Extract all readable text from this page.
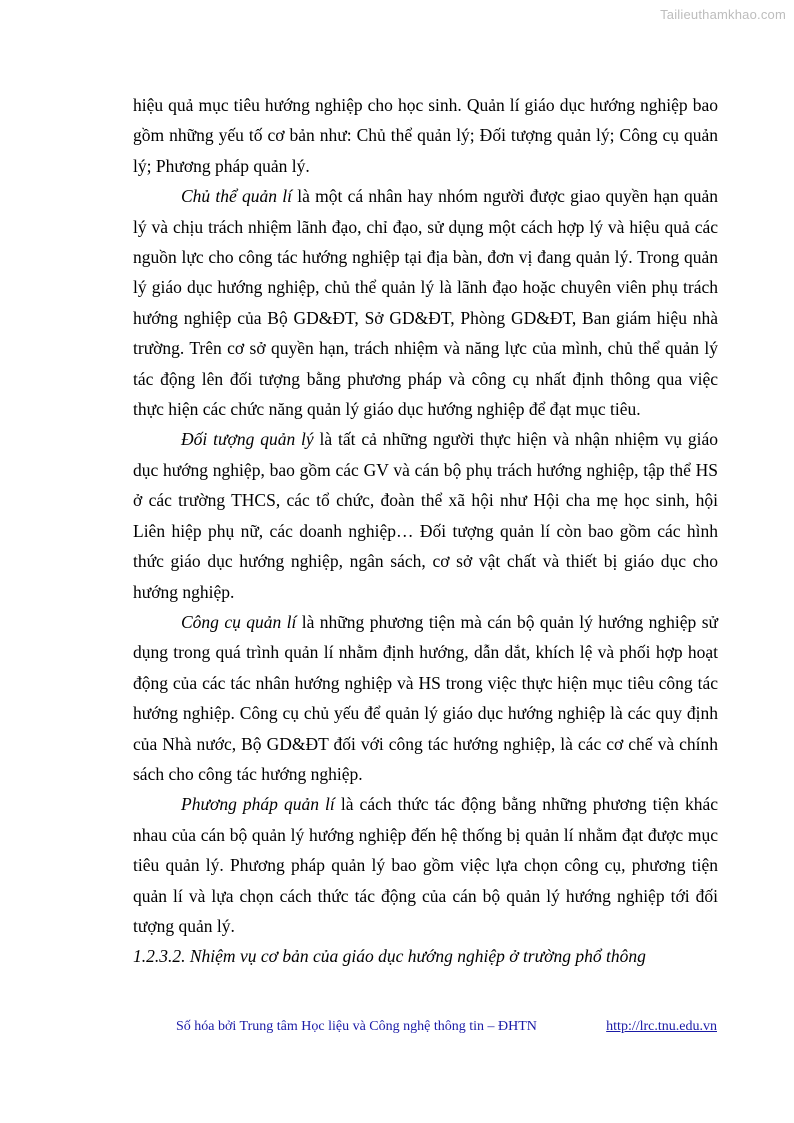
Tailieuthamkhao.com

hiệu quả mục tiêu hướng nghiệp cho học sinh. Quản lí giáo dục hướng nghiệp bao gồm những yếu tố cơ bản như: Chủ thể quản lý; Đối tượng quản lý; Công cụ quản lý; Phương pháp quản lý.

Chủ thể quản lí là một cá nhân hay nhóm người được giao quyền hạn quản lý và chịu trách nhiệm lãnh đạo, chỉ đạo, sử dụng một cách hợp lý và hiệu quả các nguồn lực cho công tác hướng nghiệp tại địa bàn, đơn vị đang quản lý. Trong quản lý giáo dục hướng nghiệp, chủ thể quản lý là lãnh đạo hoặc chuyên viên phụ trách hướng nghiệp của Bộ GD&ĐT, Sở GD&ĐT, Phòng GD&ĐT, Ban giám hiệu nhà trường. Trên cơ sở quyền hạn, trách nhiệm và năng lực của mình, chủ thể quản lý tác động lên đối tượng bằng phương pháp và công cụ nhất định thông qua việc thực hiện các chức năng quản lý giáo dục hướng nghiệp để đạt mục tiêu.

Đối tượng quản lý là tất cả những người thực hiện và nhận nhiệm vụ giáo dục hướng nghiệp, bao gồm các GV và cán bộ phụ trách hướng nghiệp, tập thể HS ở các trường THCS, các tổ chức, đoàn thể xã hội như Hội cha mẹ học sinh, hội Liên hiệp phụ nữ, các doanh nghiệp… Đối tượng quản lí còn bao gồm các hình thức giáo dục hướng nghiệp, ngân sách, cơ sở vật chất và thiết bị giáo dục cho hướng nghiệp.

Công cụ quản lí là những phương tiện mà cán bộ quản lý hướng nghiệp sử dụng trong quá trình quản lí nhằm định hướng, dẫn dắt, khích lệ và phối hợp hoạt động của các tác nhân hướng nghiệp và HS trong việc thực hiện mục tiêu công tác hướng nghiệp. Công cụ chủ yếu để quản lý giáo dục hướng nghiệp là các quy định của Nhà nước, Bộ GD&ĐT đối với công tác hướng nghiệp, là các cơ chế và chính sách cho công tác hướng nghiệp.

Phương pháp quản lí là cách thức tác động bằng những phương tiện khác nhau của cán bộ quản lý hướng nghiệp đến hệ thống bị quản lí nhằm đạt được mục tiêu quản lý. Phương pháp quản lý bao gồm việc lựa chọn công cụ, phương tiện quản lí và lựa chọn cách thức tác động của cán bộ quản lý hướng nghiệp tới đối tượng quản lý.

1.2.3.2. Nhiệm vụ cơ bản của giáo dục hướng nghiệp ở trường phổ thông

Số hóa bởi Trung tâm Học liệu và Công nghệ thông tin – ĐHTN	http://lrc.tnu.edu.vn
